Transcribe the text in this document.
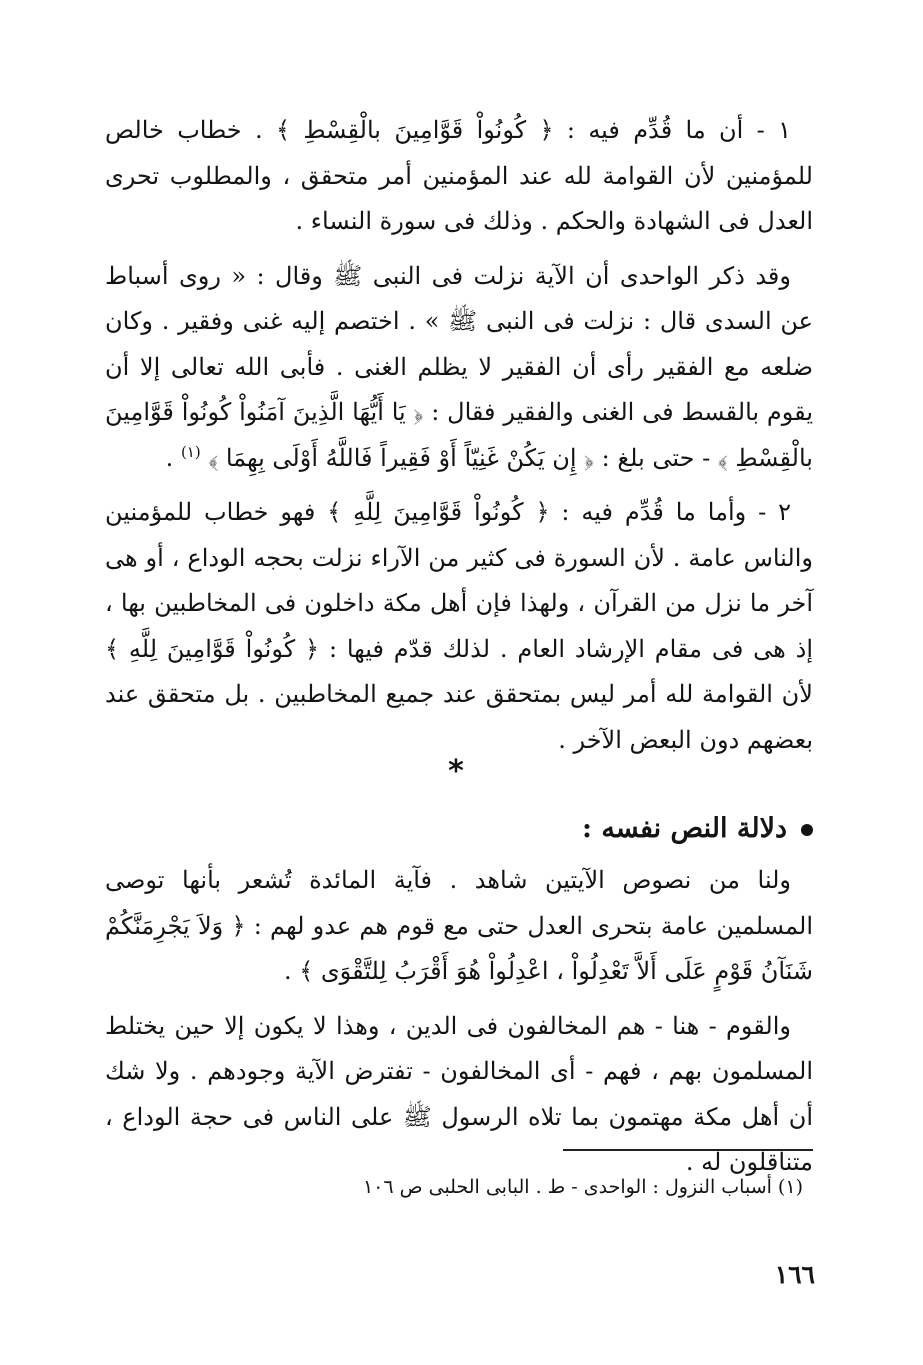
١ - أن ما قُدِّم فيه : ﴿ كُونُواْ قَوَّامِينَ بالْقِسْطِ ﴾ . خطاب خالص للمؤمنين لأن القوامة لله عند المؤمنين أمر متحقق ، والمطلوب تحرى العدل فى الشهادة والحكم . وذلك فى سورة النساء .

وقد ذكر الواحدى أن الآية نزلت فى النبى ﷺ وقال : « روى أسباط عن السدى قال : نزلت فى النبى ﷺ » . اختصم إليه غنى وفقير . وكان ضلعه مع الفقير رأى أن الفقير لا يظلم الغنى . فأبى الله تعالى إلا أن يقوم بالقسط فى الغنى والفقير فقال : ﴿ يَا أَيُّهَا الَّذِينَ آمَنُواْ كُونُواْ قَوَّامِينَ بالْقِسْطِ ﴾ - حتى بلغ : ﴿ إِن يَكُنْ غَنِيّاً أَوْ فَقِيراً فَاللَّهُ أَوْلَى بِهِمَا ﴾ $^{(١)}$ .

٢ - وأما ما قُدِّم فيه : ﴿ كُونُواْ قَوَّامِينَ لِلَّهِ ﴾ فهو خطاب للمؤمنين والناس عامة . لأن السورة فى كثير من الآراء نزلت بحجه الوداع ، أو هى آخر ما نزل من القرآن ، ولهذا فإن أهل مكة داخلون فى المخاطبين بها ، إذ هى فى مقام الإرشاد العام . لذلك قدّم فيها : ﴿ كُونُواْ قَوَّامِينَ لِلَّهِ ﴾ لأن القوامة لله أمر ليس بمتحقق عند جميع المخاطبين . بل متحقق عند بعضهم دون البعض الآخر .

*
دلالة النص نفسه :

ولنا من نصوص الآيتين شاهد . فآية المائدة تُشعر بأنها توصى المسلمين عامة بتحرى العدل حتى مع قوم هم عدو لهم : ﴿ وَلاَ يَجْرِمَنَّكُمْ شَنَآنُ قَوْمٍ عَلَى أَلاَّ تَعْدِلُواْ ، اعْدِلُواْ هُوَ أَقْرَبُ لِلتَّقْوَى ﴾ .

والقوم - هنا - هم المخالفون فى الدين ، وهذا لا يكون إلا حين يختلط المسلمون بهم ، فهم - أى المخالفون - تفترض الآية وجودهم . ولا شك أن أهل مكة مهتمون بما تلاه الرسول ﷺ على الناس فى حجة الوداع ، متناقلون له .

(١) أسباب النزول : الواحدى - ط . البابى الحلبى ص ١٠٦
١٦٦
